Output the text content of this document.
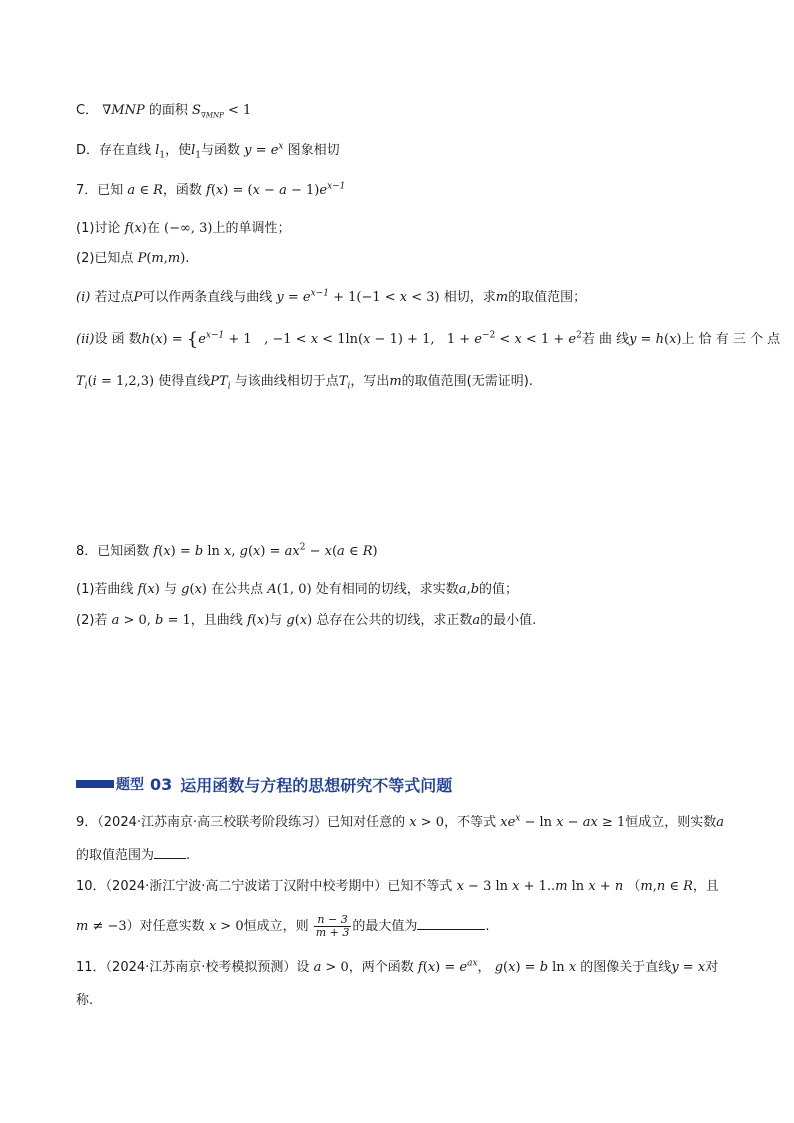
C． ∇MNP 的面积 $S_{\nabla MNP} < 1$
D．存在直线 $l_1$，使$l_1$与函数 $y = e^x$ 图象相切
7．已知 a ∈ R，函数 $f(x) = (x - a - 1)e^{x-1}$
(1)讨论 f(x)在 (−∞, 3)上的单调性；
(2)已知点 P(m,m).
(i) 若过点P可以作两条直线与曲线 $y = e^{x-1} + 1(-1 < x < 3)$ 相切，求m的取值范围；
(ii) 设 函 数 $h(x) = \{e^{x-1} + 1$   , −1 < x < 1ln(x − 1) + 1,   $1 + e^{-2} < x < 1 + e^2$ 若 曲 线 y = h(x) 上 恰 有 三 个 点
$T_i(i = 1,2,3)$ 使得直线$PT_i$ 与该曲线相切于点$T_i$，写出m的取值范围(无需证明).
8．已知函数 f(x) = b ln x, $g(x) = ax^2 - x(a$ ∈ R)
(1)若曲线 f(x) 与 g(x) 在公共点 A(1, 0) 处有相同的切线，求实数a,b的值；
(2)若 a > 0, b = 1，且曲线 f(x)与 g(x) 总存在公共的切线，求正数a的最小值.
题型 03 运用函数与方程的思想研究不等式问题
9．（2024·江苏南京·高三校联考阶段练习）已知对任意的 x > 0，不等式 $xe^x - \ln x$ − ax ≥ 1恒成立，则实数a
的取值范围为 .
10．（2024·浙江宁波·高二宁波诺丁汉附中校考期中）已知不等式 x − 3 ln x + 1..m ln x + n （m,n ∈ R，且
m ≠ −3）对任意实数 x > 0恒成立，则 $\frac{n - 3}{m + 3}$ 的最大值为	.
11．（2024·江苏南京·校考模拟预测）设 a > 0，两个函数 $f(x) = e^{ax}$， g(x) = b ln x 的图像关于直线y = x对
称.
